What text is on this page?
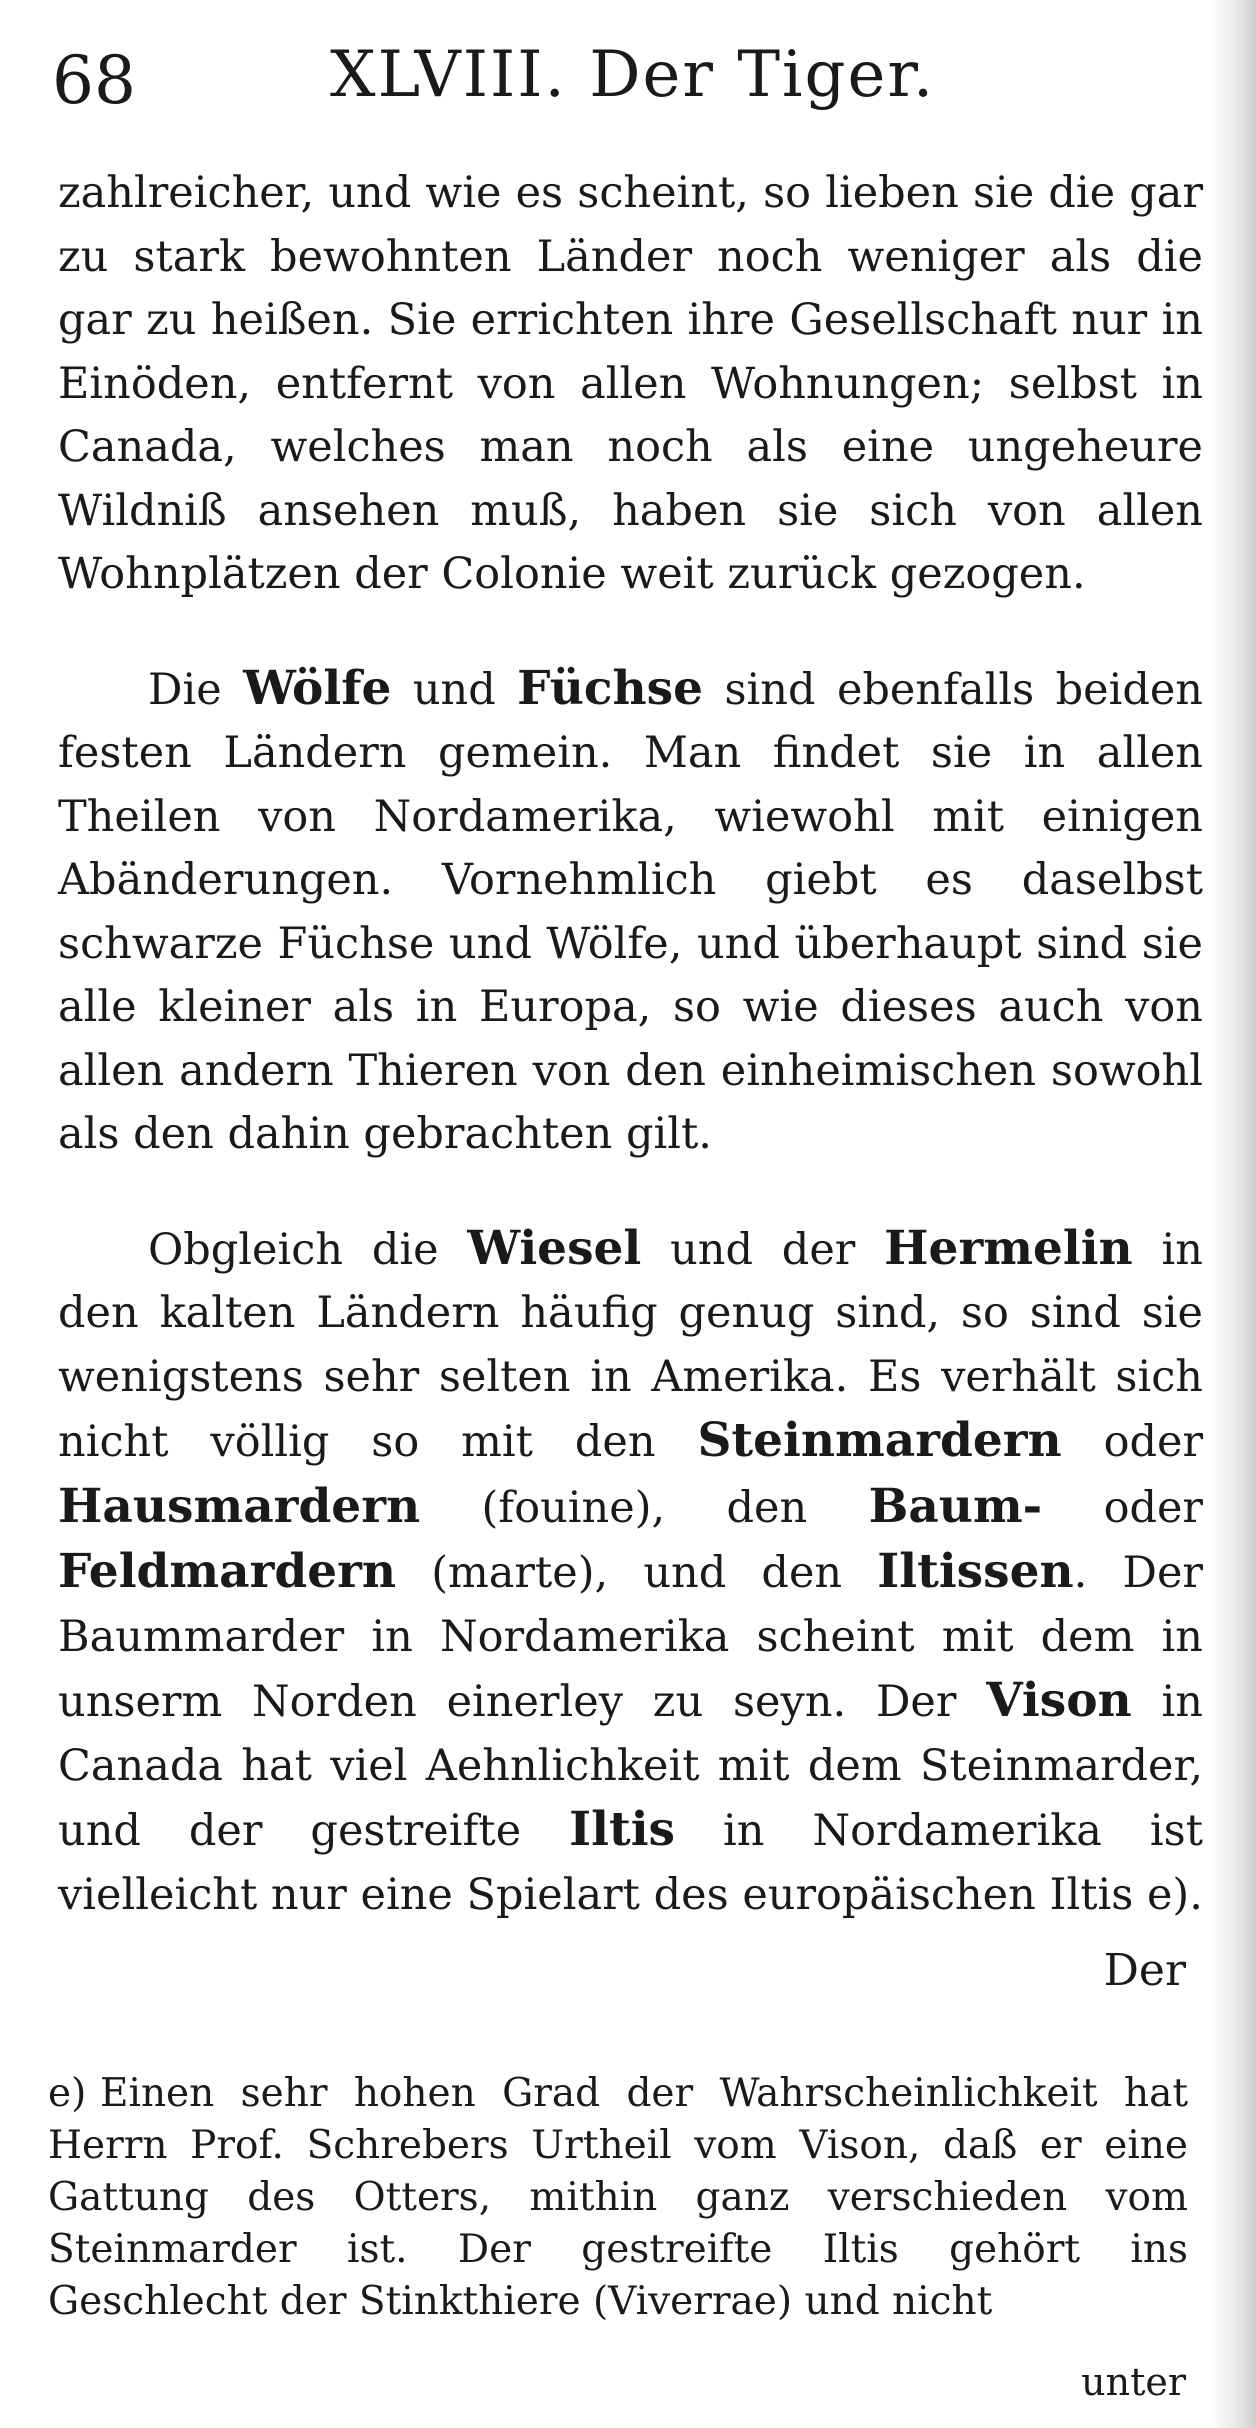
68	XLVIII. Der Tiger.

zahlreicher, und wie es scheint, so lieben sie die gar zu stark bewohnten Länder noch weniger als die gar zu heißen. Sie errichten ihre Gesellschaft nur in Einöden, entfernt von allen Wohnungen; selbst in Canada, welches man noch als eine ungeheure Wildniß ansehen muß, haben sie sich von allen Wohnplätzen der Colonie weit zurück gezogen.

Die Wölfe und Füchse sind ebenfalls beiden festen Ländern gemein. Man findet sie in allen Theilen von Nordamerika, wiewohl mit einigen Abänderungen. Vornehmlich giebt es daselbst schwarze Füchse und Wölfe, und überhaupt sind sie alle kleiner als in Europa, so wie dieses auch von allen andern Thieren von den einheimischen sowohl als den dahin gebrachten gilt.

Obgleich die Wiesel und der Hermelin in den kalten Ländern häufig genug sind, so sind sie wenigstens sehr selten in Amerika. Es verhält sich nicht völlig so mit den Steinmardern oder Hausmardern (fouine), den Baum- oder Feldmardern (marte), und den Iltissen. Der Baummarder in Nordamerika scheint mit dem in unserm Norden einerley zu seyn. Der Vison in Canada hat viel Aehnlichkeit mit dem Steinmarder, und der gestreifte Iltis in Nordamerika ist vielleicht nur eine Spielart des europäischen Iltis e).

Der
e) Einen sehr hohen Grad der Wahrscheinlichkeit hat Herrn Prof. Schrebers Urtheil vom Vison, daß er eine Gattung des Otters, mithin ganz verschieden vom Steinmarder ist. Der gestreifte Iltis gehört ins Geschlecht der Stinkthiere (Viverrae) und nicht
unter
